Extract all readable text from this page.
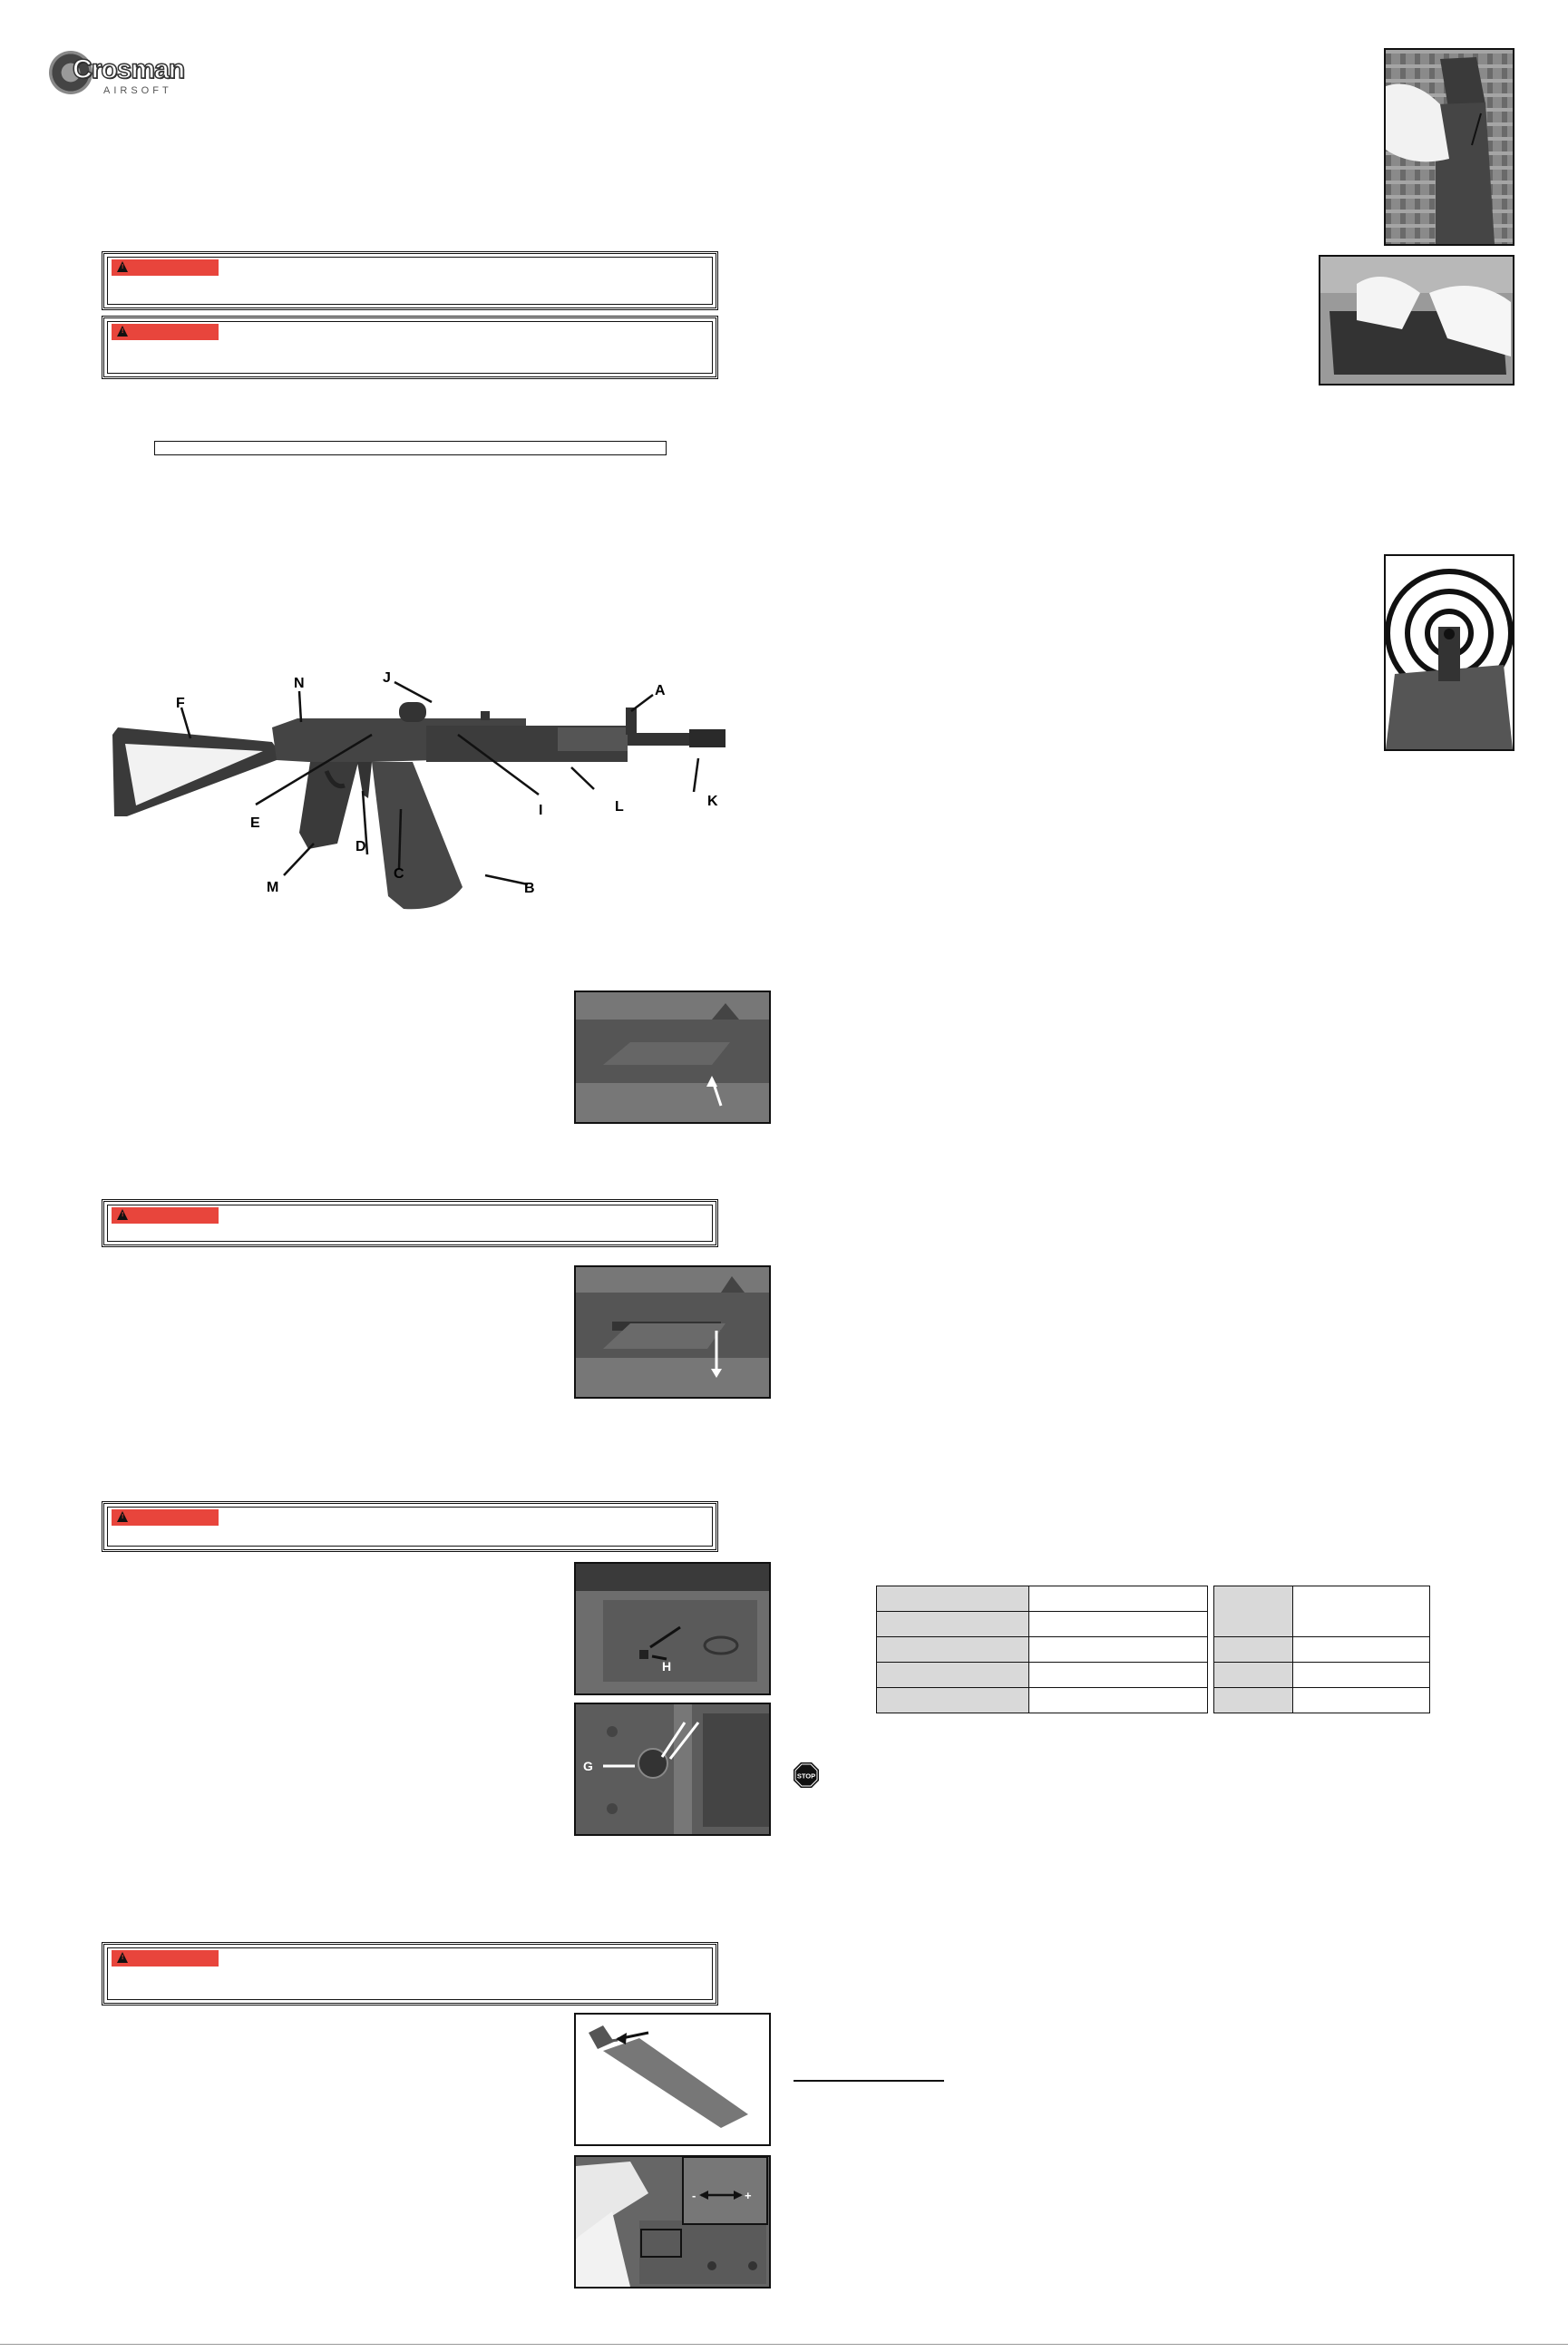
Crosman
AIRSOFT
!
!
F
N	J
A
K
L
I
E
D
C
M	B
!
!
H
G
!
-	+

STOP
